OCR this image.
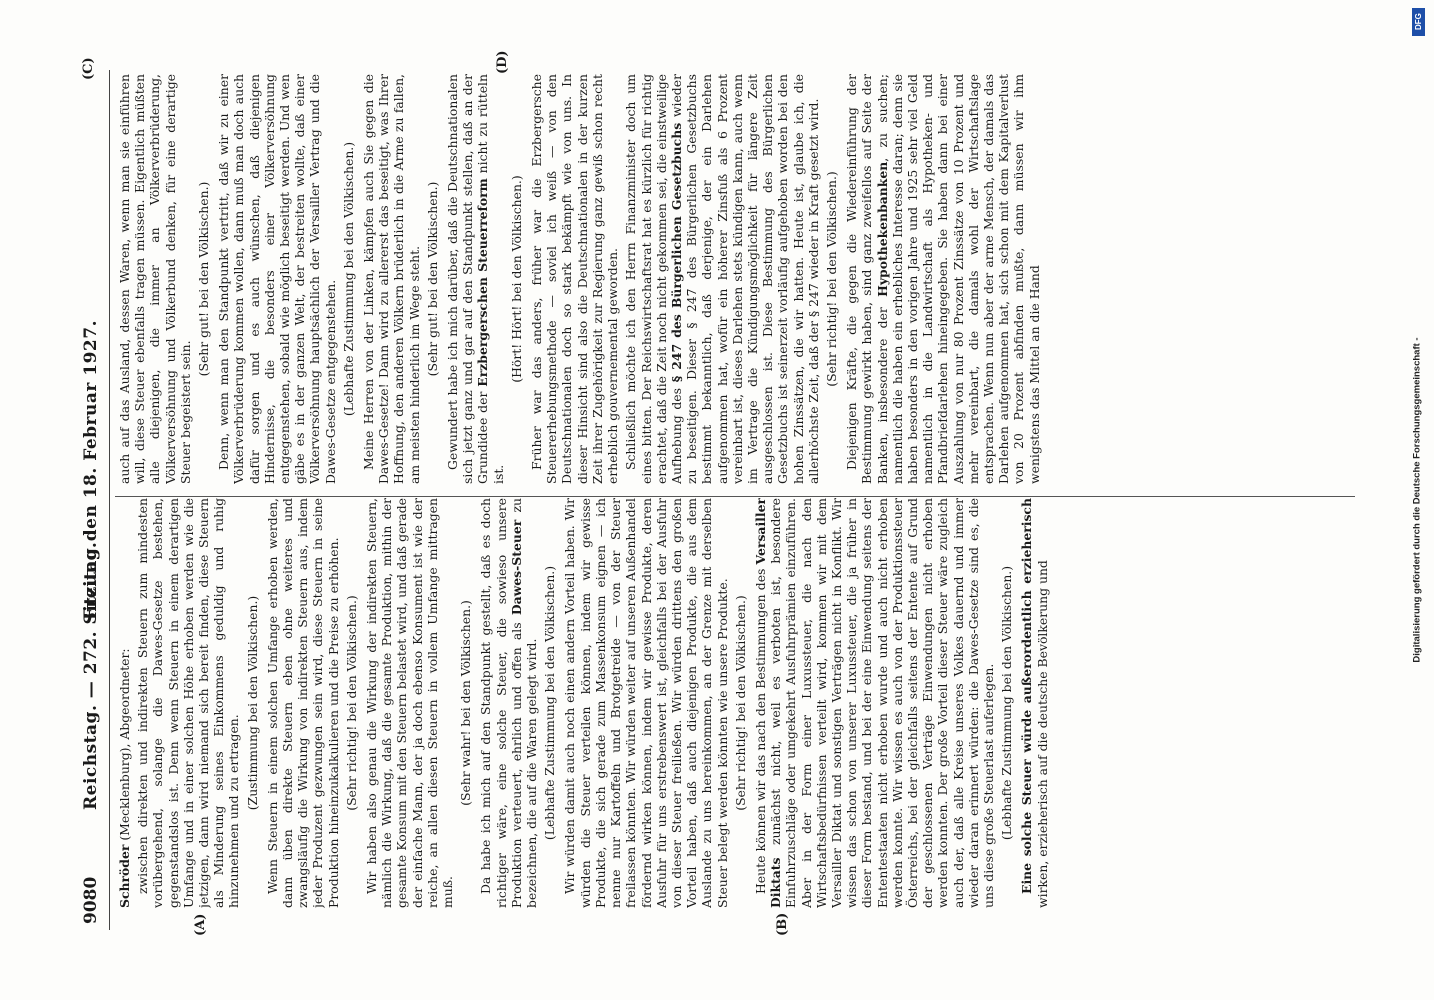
9080
Reichstag. — 272. Sitzung.
Freitag den 18. Februar 1927.
(A)	(B)
(C)	(D)

Schröder (Mecklenburg), Abgeordneter: zwischen direkten und indirekten Steuern zum mindesten vorübergehend, solange die Dawes-Gesetze bestehen, gegenstandslos ist. Denn wenn Steuern in einem derartigen Umfange und in einer solchen Höhe erhoben werden wie die jetzigen, dann wird niemand sich bereit finden, diese Steuern als Minderung seines Einkommens geduldig und ruhig hinzunehmen und zu ertragen.

(Zustimmung bei den Völkischen.) Wenn Steuern in einem solchen Umfange erhoben werden, dann üben direkte Steuern eben ohne weiteres und zwangsläufig die Wirkung von indirekten Steuern aus, indem jeder Produzent gezwungen sein wird, diese Steuern in seine Produktion hineinzukalkulieren und die Preise zu erhöhen. (Sehr richtig! bei den Völkischen.) Wir haben also genau die Wirkung der indirekten Steuern, nämlich die Wirkung, daß die gesamte Produktion, mithin der gesamte Konsum mit den Steuern belastet wird, und daß gerade der einfache Mann, der ja doch ebenso Konsument ist wie der reiche, an allen diesen Steuern in vollem Umfange mittragen muß.

(Sehr wahr! bei den Völkischen.) Da habe ich mich auf den Standpunkt gestellt, daß es doch richtiger wäre, eine solche Steuer, die sowieso unsere Produktion verteuert, ehrlich und offen als Dawes-Steuer zu bezeichnen, die auf die Waren gelegt wird. (Lebhafte Zustimmung bei den Völkischen.) Wir würden damit auch noch einen andern Vorteil haben. Wir würden die Steuer verteilen können, indem wir gewisse Produkte, die sich gerade zum Massenkonsum eignen — ich nenne nur Kartoffeln und Brotgetreide — von der Steuer freilassen könnten. Wir würden weiter auf unseren Außenhandel fördernd wirken können, indem wir gewisse Produkte, deren Ausfuhr für uns erstrebenswert ist, gleichfalls bei der Ausfuhr von dieser Steuer freiließen. Wir würden drittens den großen Vorteil haben, daß auch diejenigen Produkte, die aus dem Auslande zu uns hereinkommen, an der Grenze mit derselben Steuer belegt werden könnten wie unsere Produkte. (Sehr richtig! bei den Völkischen.) Heute können wir das nach den Bestimmungen des Versailler Diktats zunächst nicht, weil es verboten ist, besondere Einfuhrzuschläge oder umgekehrt Ausfuhrprämien einzuführen. Aber in der Form einer Luxussteuer, die nach den Wirtschaftsbedürfnissen verteilt wird, kommen wir mit dem Versailler Diktat und sonstigen Verträgen nicht in Konflikt. Wir wissen das schon von unserer Luxussteuer, die ja früher in dieser Form bestand, und bei der eine Einwendung seitens der Ententestaaten nicht erhoben wurde und auch nicht erhoben werden konnte. Wir wissen es auch von der Produktionssteuer Österreichs, bei der gleichfalls seitens der Entente auf Grund der geschlossenen Verträge Einwendungen nicht erhoben werden konnten. Der große Vorteil dieser Steuer wäre zugleich auch der, daß alle Kreise unseres Volkes dauernd und immer wieder daran erinnert würden: die Dawes-Gesetze sind es, die uns diese große Steuerlast auferlegen. (Lebhafte Zustimmung bei den Völkischen.) Eine solche Steuer würde außerordentlich erzieherisch wirken, erzieherisch auf die deutsche Bevölkerung und

auch auf das Ausland, dessen Waren, wenn man sie einführen will, diese Steuer ebenfalls tragen müssen. Eigentlich müßten alle diejenigen, die immer an Völkerverbrüderung, Völkerversöhnung und Völkerbund denken, für eine derartige Steuer begeistert sein.

(Sehr gut! bei den Völkischen.) Denn, wenn man den Standpunkt vertritt, daß wir zu einer Völkerverbrüderung kommen wollen, dann muß man doch auch dafür sorgen und es auch wünschen, daß diejenigen Hindernisse, die besonders einer Völkerversöhnung entgegenstehen, sobald wie möglich beseitigt werden. Und wen gäbe es in der ganzen Welt, der bestreiten wollte, daß einer Völkerversöhnung hauptsächlich der Versailler Vertrag und die Dawes-Gesetze entgegenstehen. (Lebhafte Zustimmung bei den Völkischen.) Meine Herren von der Linken, kämpfen auch Sie gegen die Dawes-Gesetze! Dann wird zu allererst das beseitigt, was Ihrer Hoffnung, den anderen Völkern brüderlich in die Arme zu fallen, am meisten hinderlich im Wege steht. (Sehr gut! bei den Völkischen.) Gewundert habe ich mich darüber, daß die Deutschnationalen sich jetzt ganz und gar auf den Standpunkt stellen, daß an der Grundidee der Erzbergerschen Steuerreform nicht zu rütteln ist.

(Hört! Hört! bei den Völkischen.) Früher war das anders, früher war die Erzbergersche Steuererhebungsmethode — soviel ich weiß — von den Deutschnationalen doch so stark bekämpft wie von uns. In dieser Hinsicht sind also die Deutschnationalen in der kurzen Zeit ihrer Zugehörigkeit zur Regierung ganz gewiß schon recht erheblich gouvernemental geworden. Schließlich möchte ich den Herrn Finanzminister doch um eines bitten. Der Reichswirtschaftsrat hat es kürzlich für richtig erachtet, daß die Zeit noch nicht gekommen sei, die einstweilige Aufhebung des § 247 des Bürgerlichen Gesetzbuchs wieder zu beseitigen. Dieser § 247 des Bürgerlichen Gesetzbuchs bestimmt bekanntlich, daß derjenige, der ein Darlehen aufgenommen hat, wofür ein höherer Zinsfuß als 6 Prozent vereinbart ist, dieses Darlehen stets kündigen kann, auch wenn im Vertrage die Kündigungsmöglichkeit für längere Zeit ausgeschlossen ist. Diese Bestimmung des Bürgerlichen Gesetzbuchs ist seinerzeit vorläufig aufgehoben worden bei den hohen Zinssätzen, die wir hatten. Heute ist, glaube ich, die allerhöchste Zeit, daß der § 247 wieder in Kraft gesetzt wird. (Sehr richtig! bei den Völkischen.) Diejenigen Kräfte, die gegen die Wiedereinführung der Bestimmung gewirkt haben, sind ganz zweifellos auf Seite der Banken, insbesondere der Hypothekenbanken, zu suchen; namentlich die haben ein erhebliches Interesse daran; denn sie haben besonders in den vorigen Jahre und 1925 sehr viel Geld namentlich in die Landwirtschaft als Hypotheken- und Pfandbriefdarlehen hineingegeben. Sie haben dann bei einer Auszahlung von nur 80 Prozent Zinssätze von 10 Prozent und mehr vereinbart, die damals wohl der Wirtschaftslage entsprachen. Wenn nun aber der arme Mensch, der damals das Darlehen aufgenommen hat, sich schon mit dem Kapitalverlust von 20 Prozent abfinden mußte, dann müssen wir ihm wenigstens das Mittel an die Hand

DFG
Digitalisierung gefördert durch die Deutsche Forschungsgemeinschaft -
